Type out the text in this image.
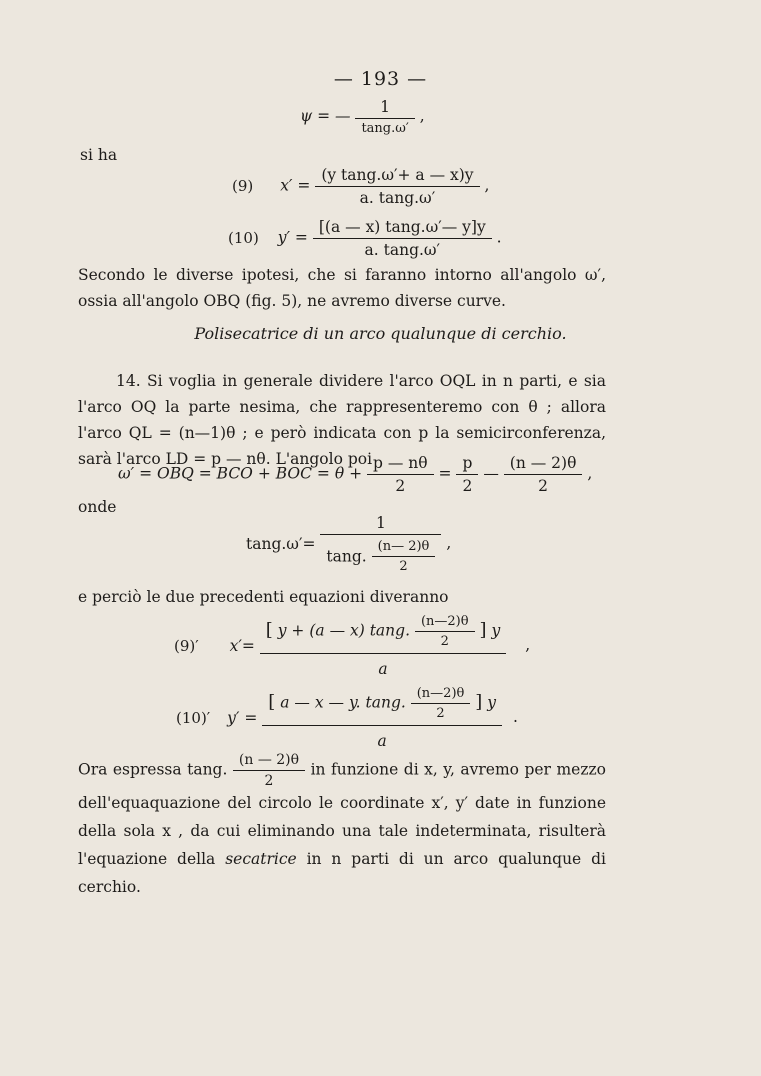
— 193 —
ψ = — $\frac{1}{\tan g.\omega'}$ ,
si ha
(9) $x' = \frac{\text{(y tang.ω′+ a — x)y}}{a. \tan g.\omega'}$ ,
(10) $y' = \frac{[(a — x) \tan g.\omega'— y]y}{a. \tan g.\omega'}$ .
Secondo le diverse ipotesi, che si faranno intorno all'angolo ω′, ossia all'angolo OBQ (fig. 5), ne avremo diverse curve.
Polisecatrice di un arco qualunque di cerchio.
14. Si voglia in generale dividere l'arco OQL in n parti, e sia l'arco OQ la parte nesima, che rappresenteremo con θ ; allora l'arco QL = (n—1)θ ; e però indicata con p la semicirconferenza, sarà l'arco LD = p — nθ. L'angolo poi
ω′ = OBQ = BCO + BOC = $\theta + \frac{p — n\theta}{2} = \frac{p}{2}$ — $\frac{(n — 2)\theta}{2}$ ,
onde
$\tan g.\omega'= \frac{1}{\tan g. \frac{(n— 2)\theta}{2}}$ ,
e perciò le due precedenti equazioni diveranno
(9)′ x′=
[ y + (a — x) tang. $\frac{(n—2)\theta}{2}$ ] y
a
,
(10)′ y′ =
[ a — x — y. tang. $\frac{(n—2)\theta}{2}$ ] y
a
.
Ora espressa tang. $\frac{(n — 2)\theta}{2}$ in funzione di x, y, avremo per mezzo dell'equaquazione del circolo le coordinate x′, y′ date in funzione della sola x , da cui eliminando una tale indeterminata, risulterà l'equazione della secatrice in n parti di un arco qualunque di cerchio.
